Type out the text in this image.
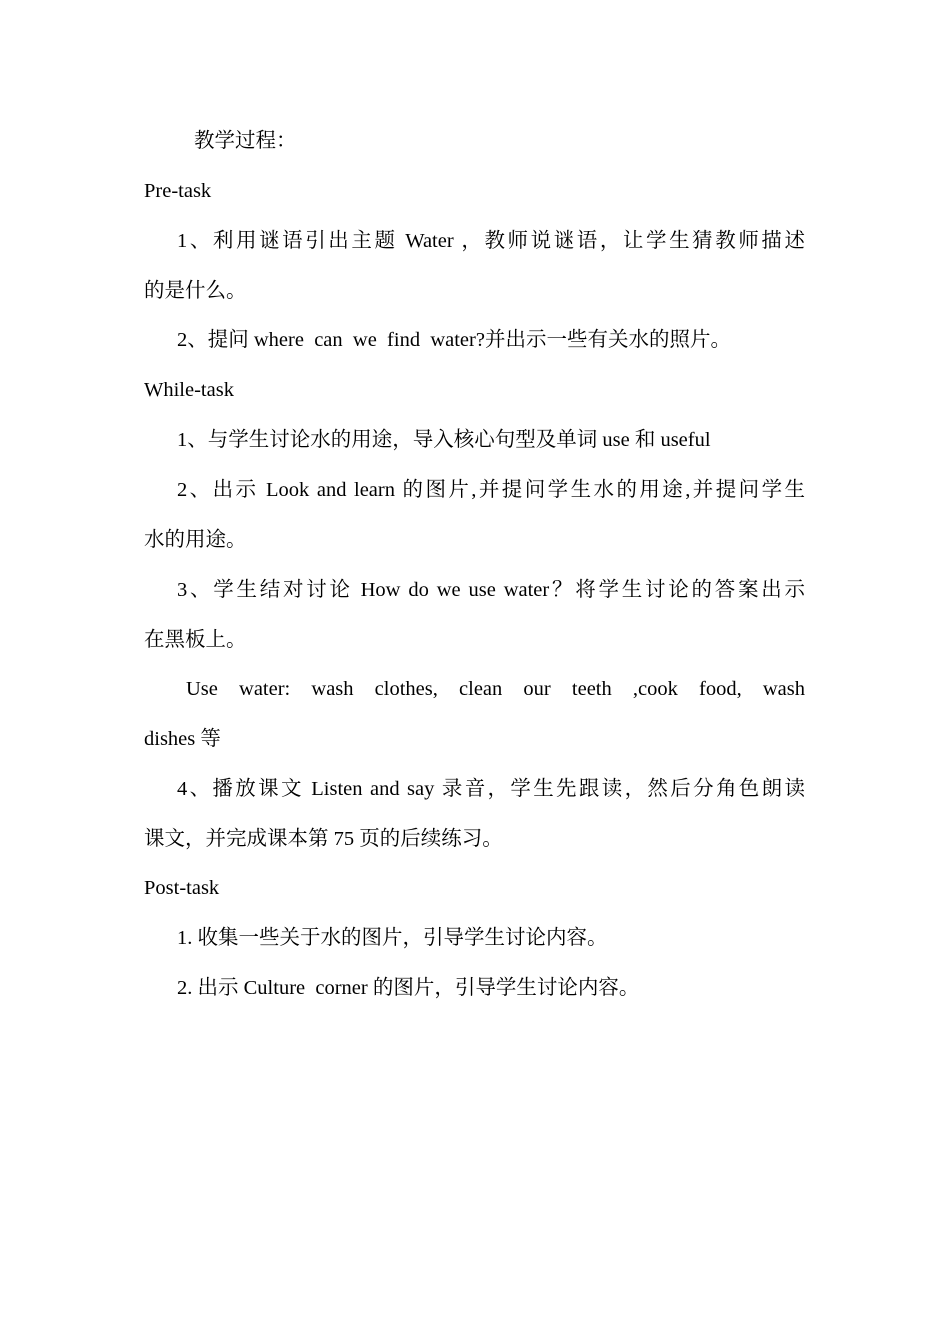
教学过程：
Pre-task
1、利用谜语引出主题 Water ，教师说谜语，让学生猜教师描述
的是什么。
2、提问 where  can  we  find  water?并出示一些有关水的照片。
While-task
1、与学生讨论水的用途，导入核心句型及单词 use 和 useful
2、出示 Look and learn 的图片,并提问学生水的用途,并提问学生
水的用途。
3、学生结对讨论 How do we use water？将学生讨论的答案出示
在黑板上。
Use water: wash clothes, clean our teeth ,cook food, wash
dishes 等
4、播放课文 Listen and say 录音，学生先跟读，然后分角色朗读
课文，并完成课本第 75 页的后续练习。
Post-task
1. 收集一些关于水的图片，引导学生讨论内容。
2. 出示 Culture  corner 的图片，引导学生讨论内容。
